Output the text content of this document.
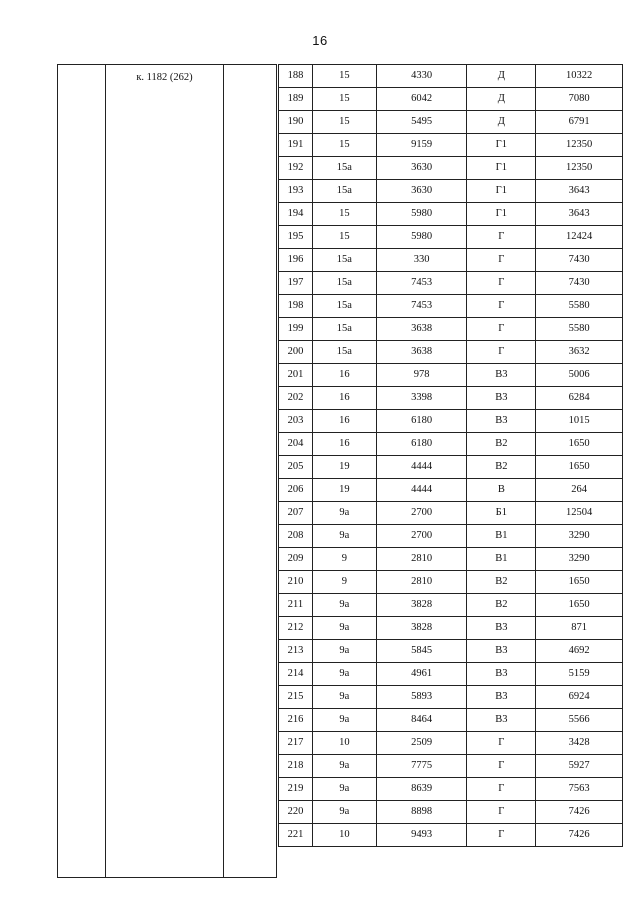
16
к. 1182 (262)	188	15	4330	Д	10322
189	15	6042	Д	7080
190	15	5495	Д	6791
191	15	9159	Г1	12350
192	15а	3630	Г1	12350
193	15а	3630	Г1	3643
194	15	5980	Г1	3643
195	15	5980	Г	12424
196	15а	330	Г	7430
197	15а	7453	Г	7430
198	15а	7453	Г	5580
199	15а	3638	Г	5580
200	15а	3638	Г	3632
201	16	978	В3	5006
202	16	3398	В3	6284
203	16	6180	В3	1015
204	16	6180	В2	1650
205	19	4444	В2	1650
206	19	4444	В	264
207	9а	2700	Б1	12504
208	9а	2700	В1	3290
209	9	2810	В1	3290
210	9	2810	В2	1650
211	9а	3828	В2	1650
212	9а	3828	В3	871
213	9а	5845	В3	4692
214	9а	4961	В3	5159
215	9а	5893	В3	6924
216	9а	8464	В3	5566
217	10	2509	Г	3428
218	9а	7775	Г	5927
219	9а	8639	Г	7563
220	9а	8898	Г	7426
221	10	9493	Г	7426
